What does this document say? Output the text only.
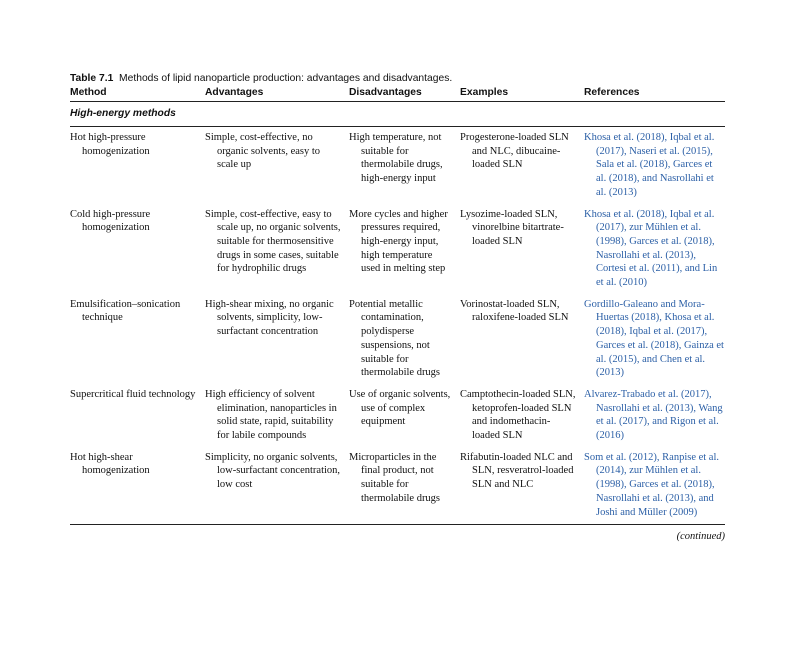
Table 7.1 Methods of lipid nanoparticle production: advantages and disadvantages.
Method	Advantages	Disadvantages	Examples	References
High-energy methods				

Hot high-pressure homogenization	Simple, cost-effective, no organic solvents, easy to scale up	High temperature, not suitable for thermolabile drugs, high-energy input	Progesterone-loaded SLN and NLC, dibucaine-loaded SLN	Khosa et al. (2018), Iqbal et al. (2017), Naseri et al. (2015), Sala et al. (2018), Garces et al. (2018), and Nasrollahi et al. (2013)

Cold high-pressure homogenization	Simple, cost-effective, easy to scale up, no organic solvents, suitable for thermosensitive drugs in some cases, suitable for hydrophilic drugs	More cycles and higher pressures required, high-energy input, high temperature used in melting step	Lysozime-loaded SLN, vinorelbine bitartrate-loaded SLN	Khosa et al. (2018), Iqbal et al. (2017), zur Mühlen et al. (1998), Garces et al. (2018), Nasrollahi et al. (2013), Cortesi et al. (2011), and Lin et al. (2010)

Emulsification–sonication technique	High-shear mixing, no organic solvents, simplicity, low-surfactant concentration	Potential metallic contamination, polydisperse suspensions, not suitable for thermolabile drugs	Vorinostat-loaded SLN, raloxifene-loaded SLN	Gordillo-Galeano and Mora-Huertas (2018), Khosa et al. (2018), Iqbal et al. (2017), Garces et al. (2018), Gainza et al. (2015), and Chen et al. (2013)

Supercritical fluid technology	High efficiency of solvent elimination, nanoparticles in solid state, rapid, suitability for labile compounds	Use of organic solvents, use of complex equipment	Camptothecin-loaded SLN, ketoprofen-loaded SLN and indomethacin-loaded SLN	Alvarez-Trabado et al. (2017), Nasrollahi et al. (2013), Wang et al. (2017), and Rigon et al. (2016)

Hot high-shear homogenization	Simplicity, no organic solvents, low-surfactant concentration, low cost	Microparticles in the final product, not suitable for thermolabile drugs	Rifabutin-loaded NLC and SLN, resveratrol-loaded SLN and NLC	Som et al. (2012), Ranpise et al. (2014), zur Mühlen et al. (1998), Garces et al. (2018), Nasrollahi et al. (2013), and Joshi and Müller (2009)
(continued)
